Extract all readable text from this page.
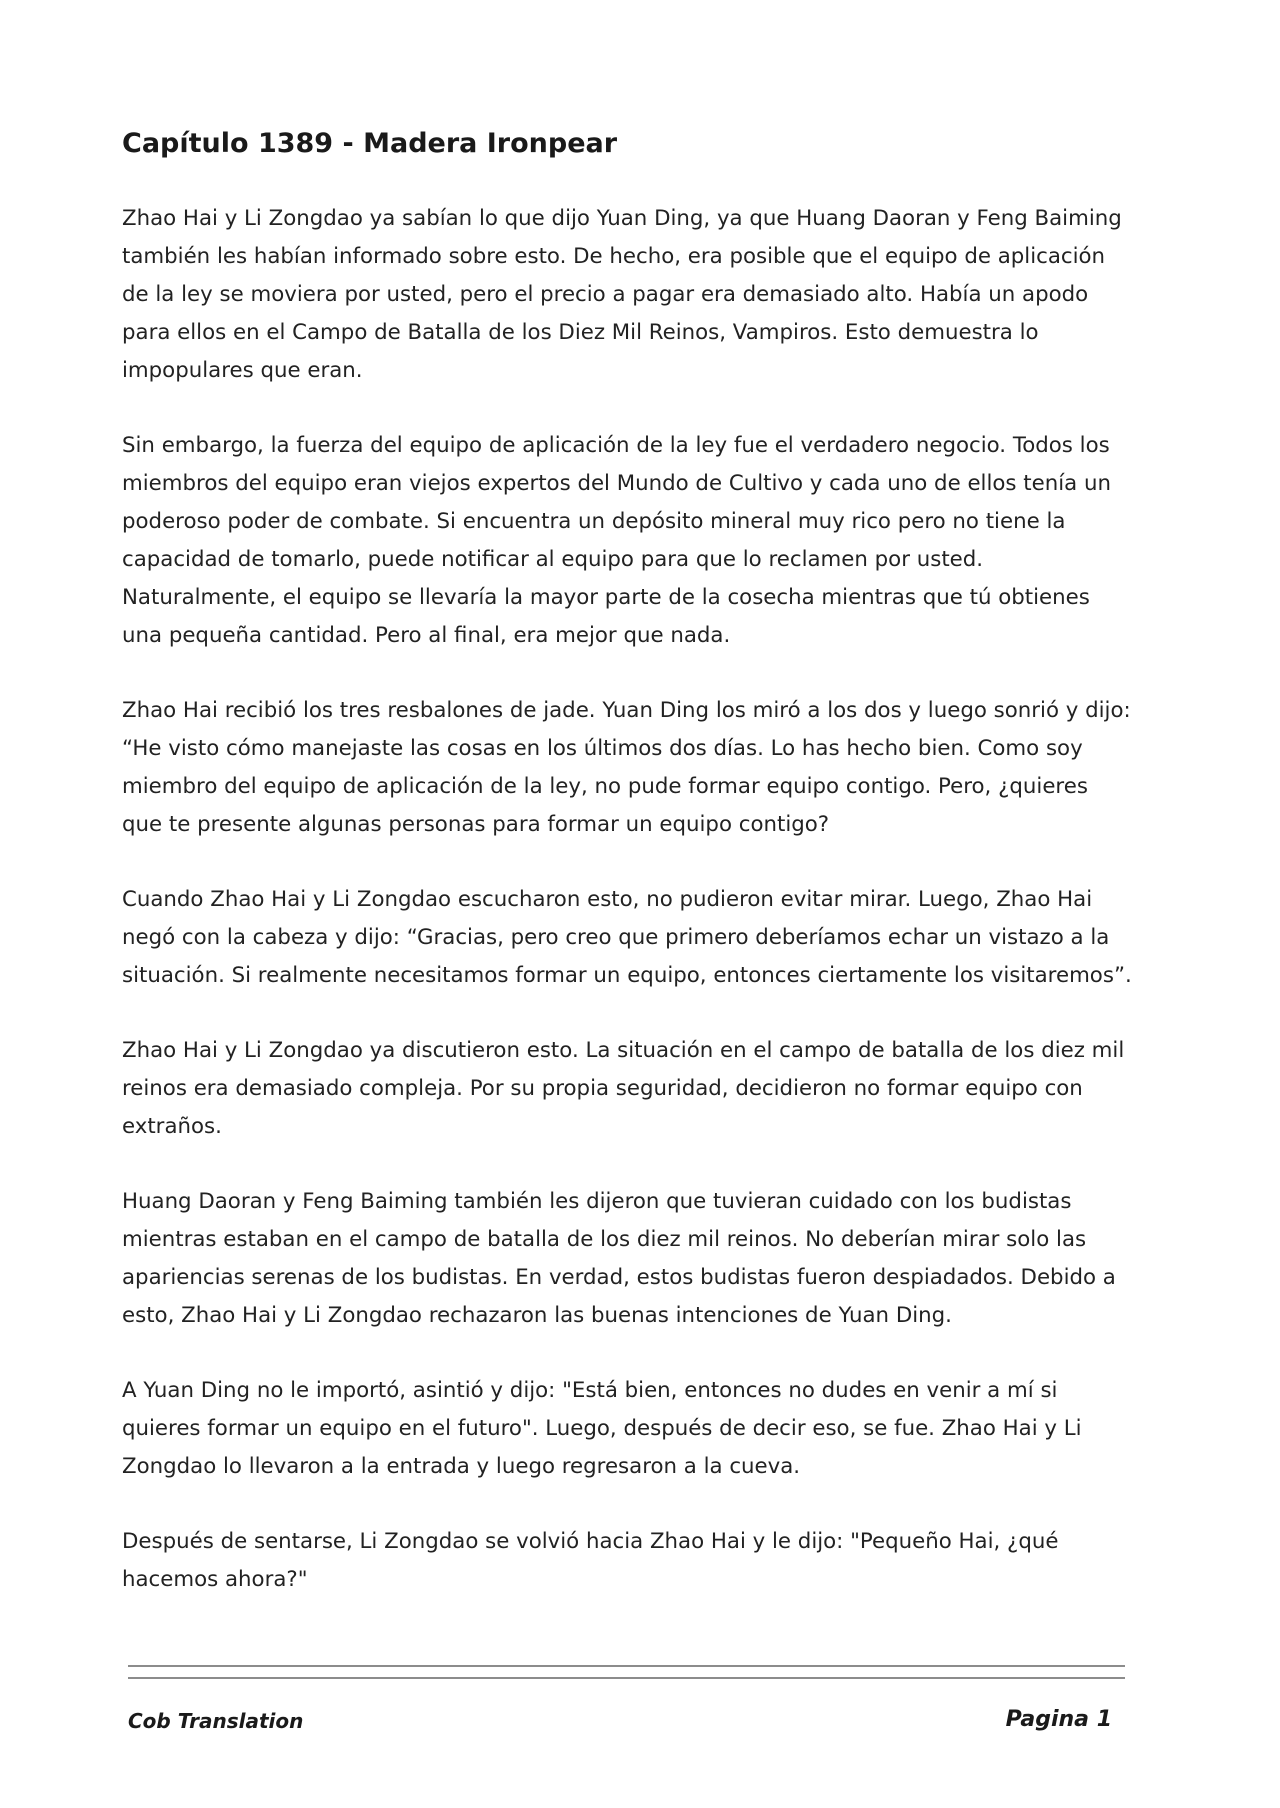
Capítulo 1389 - Madera Ironpear

Zhao Hai y Li Zongdao ya sabían lo que dijo Yuan Ding, ya que Huang Daoran y Feng Baiming también les habían informado sobre esto. De hecho, era posible que el equipo de aplicación de la ley se moviera por usted, pero el precio a pagar era demasiado alto. Había un apodo para ellos en el Campo de Batalla de los Diez Mil Reinos, Vampiros. Esto demuestra lo impopulares que eran.

Sin embargo, la fuerza del equipo de aplicación de la ley fue el verdadero negocio. Todos los miembros del equipo eran viejos expertos del Mundo de Cultivo y cada uno de ellos tenía un poderoso poder de combate. Si encuentra un depósito mineral muy rico pero no tiene la capacidad de tomarlo, puede notificar al equipo para que lo reclamen por usted. Naturalmente, el equipo se llevaría la mayor parte de la cosecha mientras que tú obtienes una pequeña cantidad. Pero al final, era mejor que nada.

Zhao Hai recibió los tres resbalones de jade. Yuan Ding los miró a los dos y luego sonrió y dijo: “He visto cómo manejaste las cosas en los últimos dos días. Lo has hecho bien. Como soy miembro del equipo de aplicación de la ley, no pude formar equipo contigo. Pero, ¿quieres que te presente algunas personas para formar un equipo contigo?

Cuando Zhao Hai y Li Zongdao escucharon esto, no pudieron evitar mirar. Luego, Zhao Hai negó con la cabeza y dijo: “Gracias, pero creo que primero deberíamos echar un vistazo a la situación. Si realmente necesitamos formar un equipo, entonces ciertamente los visitaremos”.

Zhao Hai y Li Zongdao ya discutieron esto. La situación en el campo de batalla de los diez mil reinos era demasiado compleja. Por su propia seguridad, decidieron no formar equipo con extraños.

Huang Daoran y Feng Baiming también les dijeron que tuvieran cuidado con los budistas mientras estaban en el campo de batalla de los diez mil reinos. No deberían mirar solo las apariencias serenas de los budistas. En verdad, estos budistas fueron despiadados. Debido a esto, Zhao Hai y Li Zongdao rechazaron las buenas intenciones de Yuan Ding.

A Yuan Ding no le importó, asintió y dijo: "Está bien, entonces no dudes en venir a mí si quieres formar un equipo en el futuro". Luego, después de decir eso, se fue. Zhao Hai y Li Zongdao lo llevaron a la entrada y luego regresaron a la cueva.

Después de sentarse, Li Zongdao se volvió hacia Zhao Hai y le dijo: "Pequeño Hai, ¿qué hacemos ahora?"

Cob Translation	Pagina 1
